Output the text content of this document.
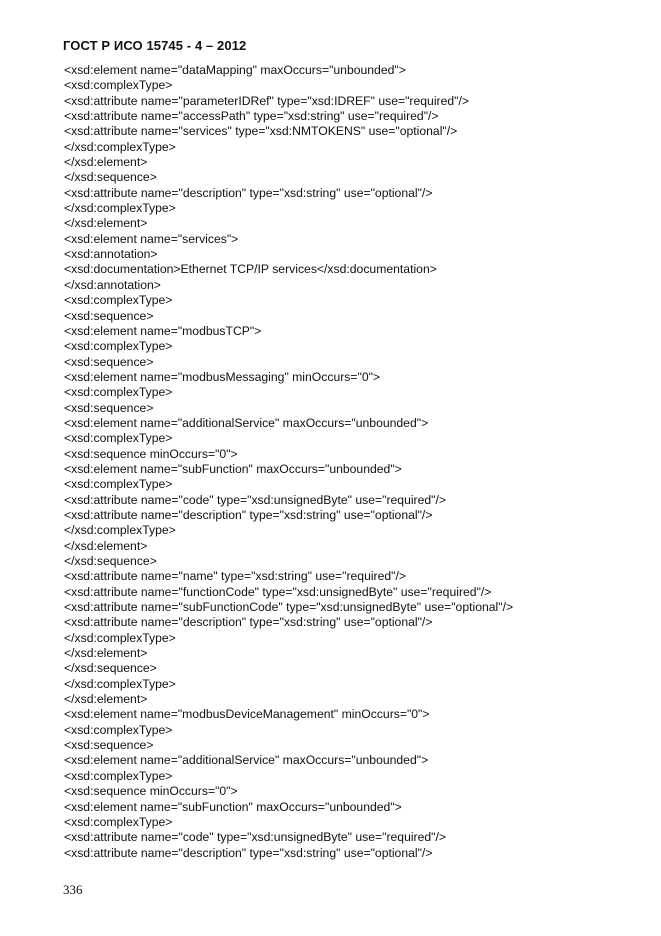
ГОСТ Р ИСО 15745 - 4 – 2012
<xsd:element name="dataMapping" maxOccurs="unbounded">
<xsd:complexType>
<xsd:attribute name="parameterIDRef" type="xsd:IDREF" use="required"/>
<xsd:attribute name="accessPath" type="xsd:string" use="required"/>
<xsd:attribute name="services" type="xsd:NMTOKENS" use="optional"/>
</xsd:complexType>
</xsd:element>
</xsd:sequence>
<xsd:attribute name="description" type="xsd:string" use="optional"/>
</xsd:complexType>
</xsd:element>
<xsd:element name="services">
<xsd:annotation>
<xsd:documentation>Ethernet TCP/IP services</xsd:documentation>
</xsd:annotation>
<xsd:complexType>
<xsd:sequence>
<xsd:element name="modbusTCP">
<xsd:complexType>
<xsd:sequence>
<xsd:element name="modbusMessaging" minOccurs="0">
<xsd:complexType>
<xsd:sequence>
<xsd:element name="additionalService" maxOccurs="unbounded">
<xsd:complexType>
<xsd:sequence minOccurs="0">
<xsd:element name="subFunction" maxOccurs="unbounded">
<xsd:complexType>
<xsd:attribute name="code" type="xsd:unsignedByte" use="required"/>
<xsd:attribute name="description" type="xsd:string" use="optional"/>
</xsd:complexType>
</xsd:element>
</xsd:sequence>
<xsd:attribute name="name" type="xsd:string" use="required"/>
<xsd:attribute name="functionCode" type="xsd:unsignedByte" use="required"/>
<xsd:attribute name="subFunctionCode" type="xsd:unsignedByte" use="optional"/>
<xsd:attribute name="description" type="xsd:string" use="optional"/>
</xsd:complexType>
</xsd:element>
</xsd:sequence>
</xsd:complexType>
</xsd:element>
<xsd:element name="modbusDeviceManagement" minOccurs="0">
<xsd:complexType>
<xsd:sequence>
<xsd:element name="additionalService" maxOccurs="unbounded">
<xsd:complexType>
<xsd:sequence minOccurs="0">
<xsd:element name="subFunction" maxOccurs="unbounded">
<xsd:complexType>
<xsd:attribute name="code" type="xsd:unsignedByte" use="required"/>
<xsd:attribute name="description" type="xsd:string" use="optional"/>
336
